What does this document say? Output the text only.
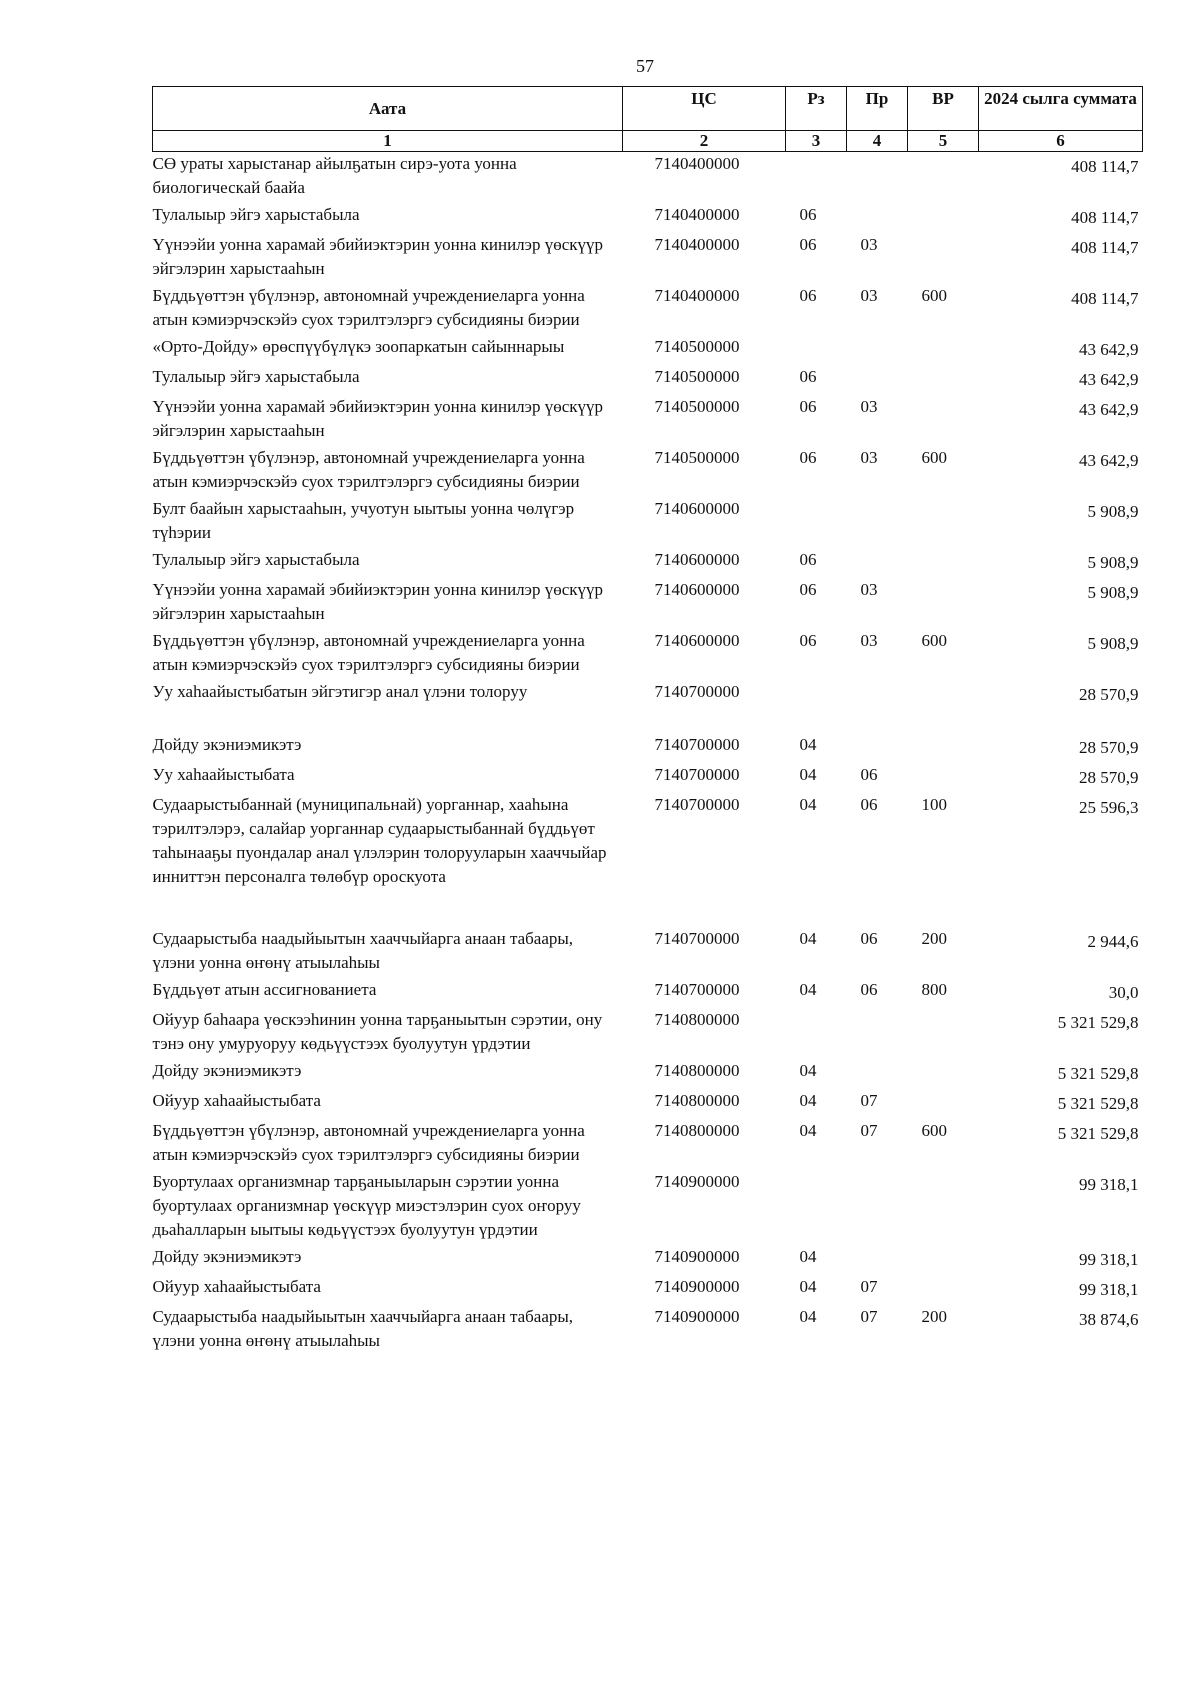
57
Аата	ЦС	Рз	Пр	ВР	2024 сылга суммата
1	2	3	4	5	6
СӨ ураты харыстанар айылҕатын сирэ-уота уонна биологическай баайа	7140400000				408 114,7
Тулалыыр эйгэ харыстабыла	7140400000	06			408 114,7
Үүнээйи уонна харамай эбийиэктэрин уонна кинилэр үөскүүр эйгэлэрин харыстааһын	7140400000	06	03		408 114,7
Бүддьүөттэн үбүлэнэр, автономнай учреждениеларга уонна атын кэмиэрчэскэйэ суох тэрилтэлэргэ субсидияны биэрии	7140400000	06	03	600	408 114,7
«Орто-Дойду» өрөспүүбүлүкэ зоопаркатын сайыннарыы	7140500000				43 642,9
Тулалыыр эйгэ харыстабыла	7140500000	06			43 642,9
Үүнээйи уонна харамай эбийиэктэрин уонна кинилэр үөскүүр эйгэлэрин харыстааһын	7140500000	06	03		43 642,9
Бүддьүөттэн үбүлэнэр, автономнай учреждениеларга уонна атын кэмиэрчэскэйэ суох тэрилтэлэргэ субсидияны биэрии	7140500000	06	03	600	43 642,9
Булт баайын харыстааһын, учуотун ыытыы уонна чөлүгэр түһэрии	7140600000				5 908,9
Тулалыыр эйгэ харыстабыла	7140600000	06			5 908,9
Үүнээйи уонна харамай эбийиэктэрин уонна кинилэр үөскүүр эйгэлэрин харыстааһын	7140600000	06	03		5 908,9
Бүддьүөттэн үбүлэнэр, автономнай учреждениеларга уонна атын кэмиэрчэскэйэ суох тэрилтэлэргэ субсидияны биэрии	7140600000	06	03	600	5 908,9
Уу хаһаайыстыбатын эйгэтигэр анал үлэни толоруу	7140700000				28 570,9
Дойду экэниэмикэтэ	7140700000	04			28 570,9
Уу хаһаайыстыбата	7140700000	04	06		28 570,9
Судаарыстыбаннай (муниципальнай) уорганнар, хааһына тэрилтэлэрэ, салайар уорганнар судаарыстыбаннай бүддьүөт таһынааҕы пуондалар анал үлэлэрин толорууларын хааччыйар инниттэн персоналга төлөбүр ороскуота	7140700000	04	06	100	25 596,3
Судаарыстыба наадыйыытын хааччыйарга анаан табаары, үлэни уонна өҥөнү атыылаһыы	7140700000	04	06	200	2 944,6
Бүддьүөт атын ассигнованиета	7140700000	04	06	800	30,0
Ойуур баһаара үөскээһинин уонна тарҕаныытын сэрэтии, ону тэнэ ону умуруоруу көдьүүстээх буолуутун үрдэтии	7140800000				5 321 529,8
Дойду экэниэмикэтэ	7140800000	04			5 321 529,8
Ойуур хаһаайыстыбата	7140800000	04	07		5 321 529,8
Бүддьүөттэн үбүлэнэр, автономнай учреждениеларга уонна атын кэмиэрчэскэйэ суох тэрилтэлэргэ субсидияны биэрии	7140800000	04	07	600	5 321 529,8
Буортулаах организмнар тарҕаныыларын сэрэтии уонна буортулаах организмнар үөскүүр миэстэлэрин суох оҥоруу дьаһалларын ыытыы көдьүүстээх буолуутун үрдэтии	7140900000				99 318,1
Дойду экэниэмикэтэ	7140900000	04			99 318,1
Ойуур хаһаайыстыбата	7140900000	04	07		99 318,1
Судаарыстыба наадыйыытын хааччыйарга анаан табаары, үлэни уонна өҥөнү атыылаһыы	7140900000	04	07	200	38 874,6
